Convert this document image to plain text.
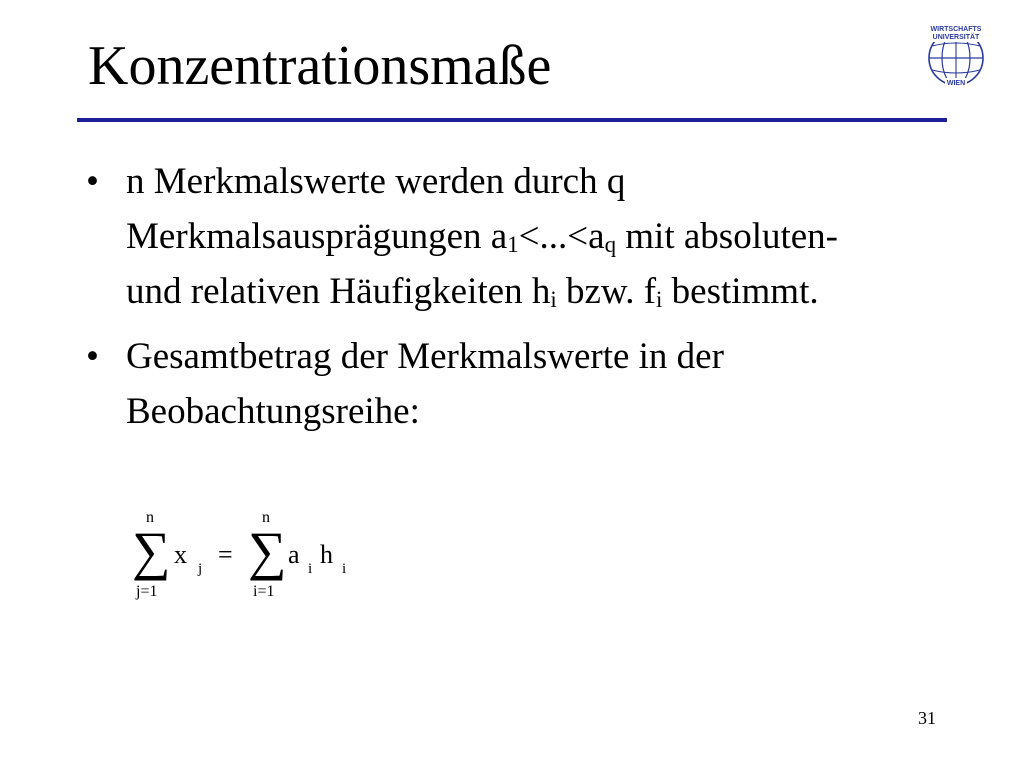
Konzentrationsmaße
WIRTSCHAFTS
UNIVERSITÄT
WIEN
• n Merkmalswerte werden durch q Merkmalsausprägungen $a_1<...<a_q$ mit absoluten- und relativen Häufigkeiten $h_i$ bzw. $f_i$ bestimmt.
• Gesamtbetrag der Merkmalswerte in der Beobachtungsreihe:
n
∑
j=1
x j =
n
∑
i=1
a i h i
31
